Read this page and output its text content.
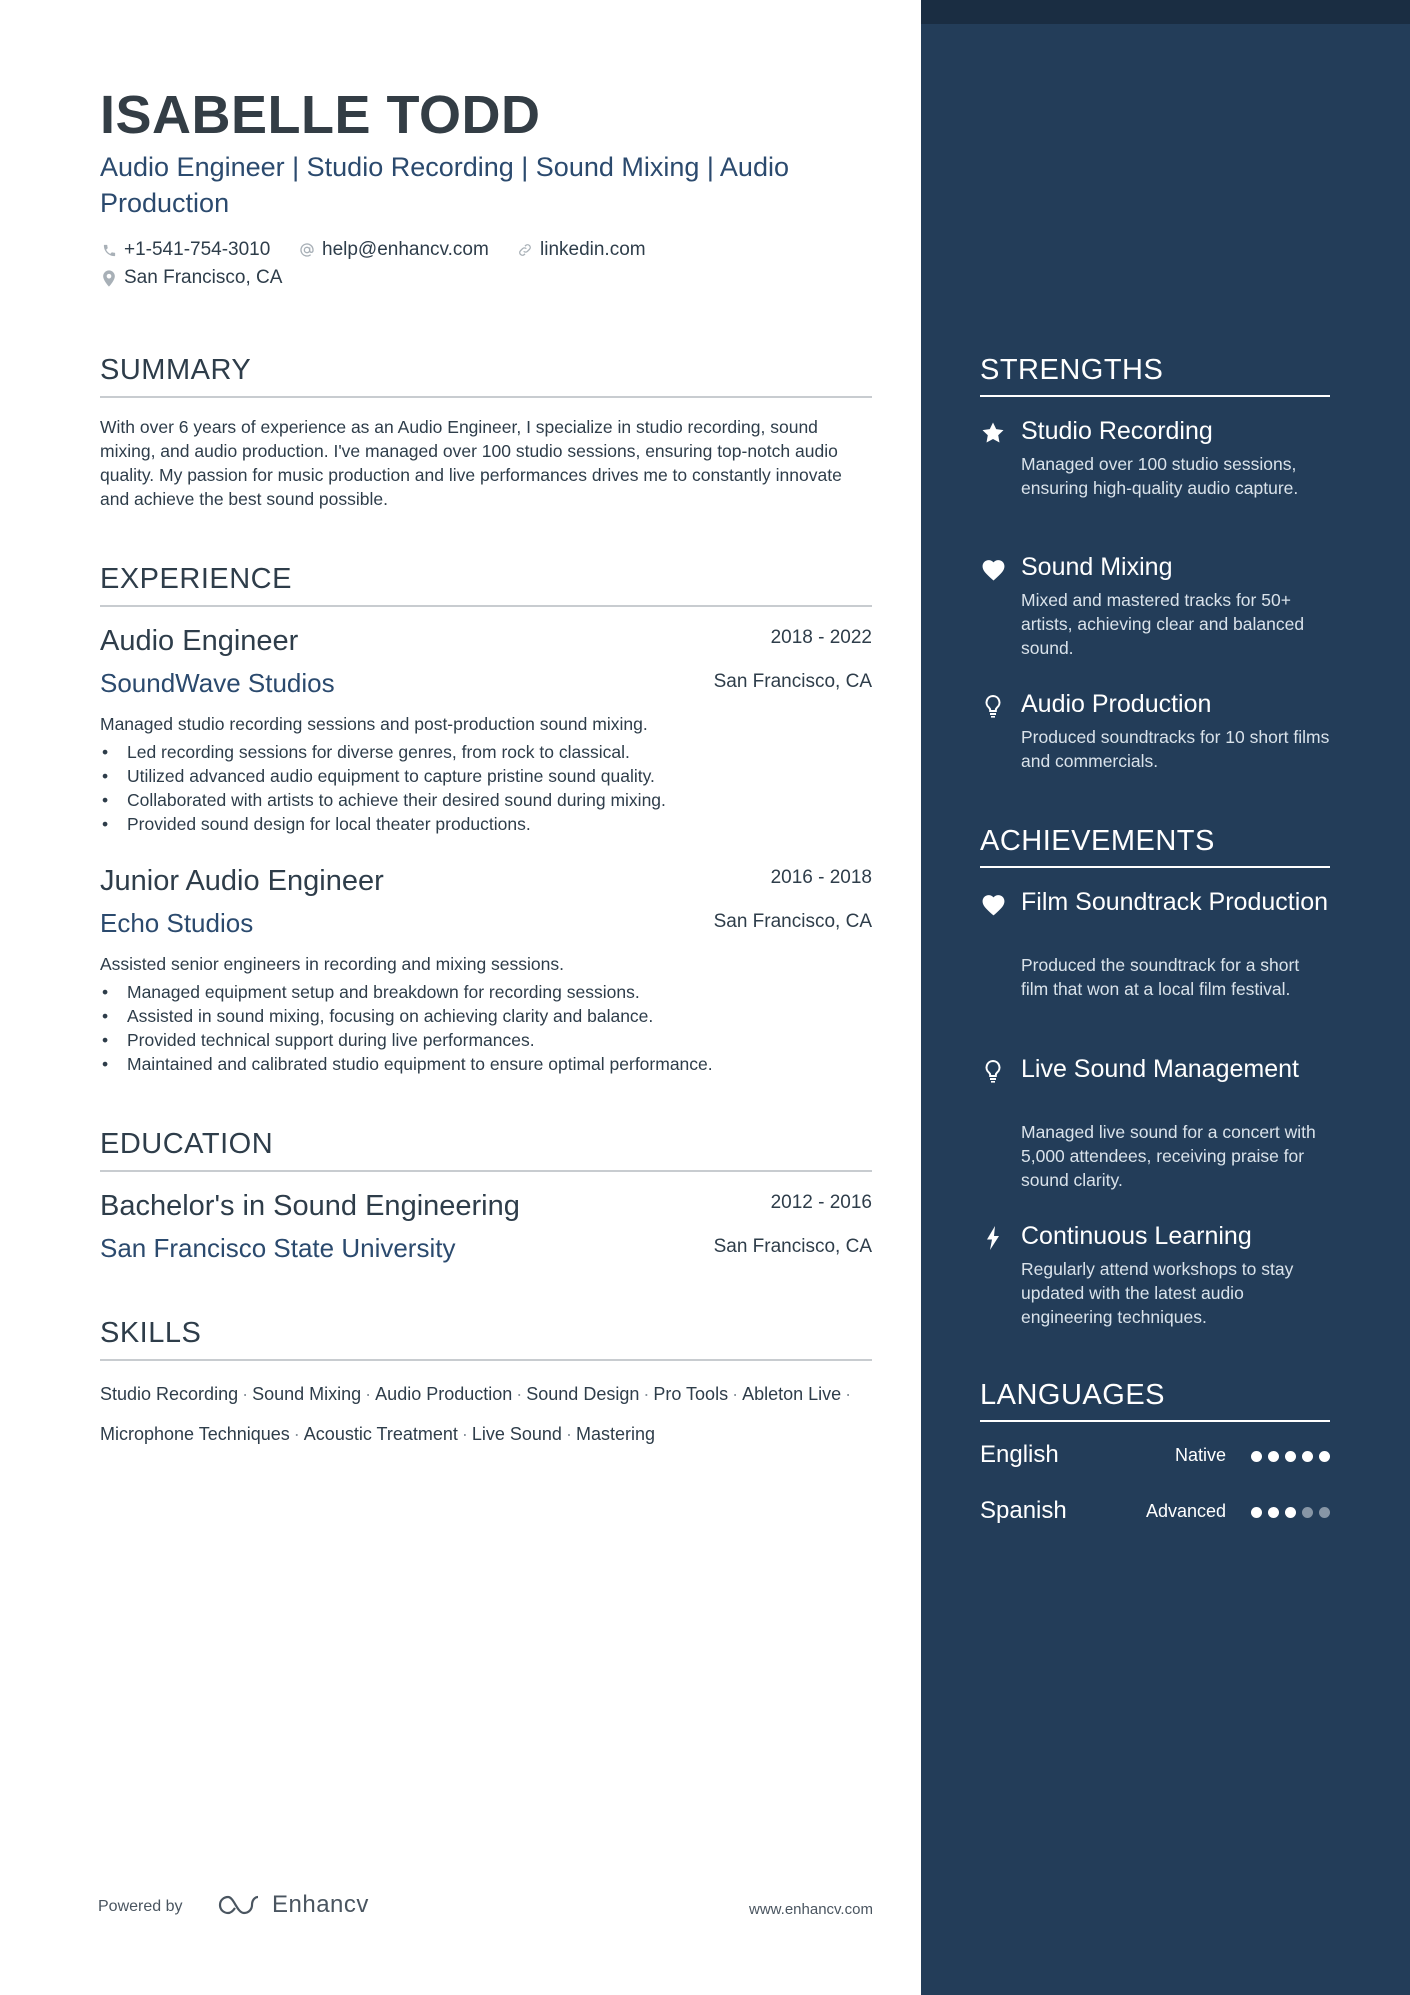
ISABELLE TODD
Audio Engineer | Studio Recording | Sound Mixing | Audio Production
+1-541-754-3010	help@enhancv.com	linkedin.com
San Francisco, CA
SUMMARY
With over 6 years of experience as an Audio Engineer, I specialize in studio recording, sound mixing, and audio production. I've managed over 100 studio sessions, ensuring top-notch audio quality. My passion for music production and live performances drives me to constantly innovate and achieve the best sound possible.
EXPERIENCE
Audio Engineer	2018 - 2022
SoundWave Studios	San Francisco, CA
Managed studio recording sessions and post-production sound mixing.
• Led recording sessions for diverse genres, from rock to classical.
• Utilized advanced audio equipment to capture pristine sound quality.
• Collaborated with artists to achieve their desired sound during mixing.
• Provided sound design for local theater productions.
Junior Audio Engineer	2016 - 2018
Echo Studios	San Francisco, CA
Assisted senior engineers in recording and mixing sessions.
• Managed equipment setup and breakdown for recording sessions.
• Assisted in sound mixing, focusing on achieving clarity and balance.
• Provided technical support during live performances.
• Maintained and calibrated studio equipment to ensure optimal performance.
EDUCATION
Bachelor's in Sound Engineering	2012 - 2016
San Francisco State University	San Francisco, CA
SKILLS
Studio Recording · Sound Mixing · Audio Production · Sound Design · Pro Tools · Ableton Live ·
Microphone Techniques · Acoustic Treatment · Live Sound · Mastering
Powered by	Enhancv	www.enhancv.com
STRENGTHS
Studio Recording
Managed over 100 studio sessions, ensuring high-quality audio capture.
Sound Mixing
Mixed and mastered tracks for 50+ artists, achieving clear and balanced sound.
Audio Production
Produced soundtracks for 10 short films and commercials.
ACHIEVEMENTS
Film Soundtrack Production
Produced the soundtrack for a short film that won at a local film festival.
Live Sound Management
Managed live sound for a concert with 5,000 attendees, receiving praise for sound clarity.
Continuous Learning
Regularly attend workshops to stay updated with the latest audio engineering techniques.
LANGUAGES
English	Native
Spanish	Advanced
